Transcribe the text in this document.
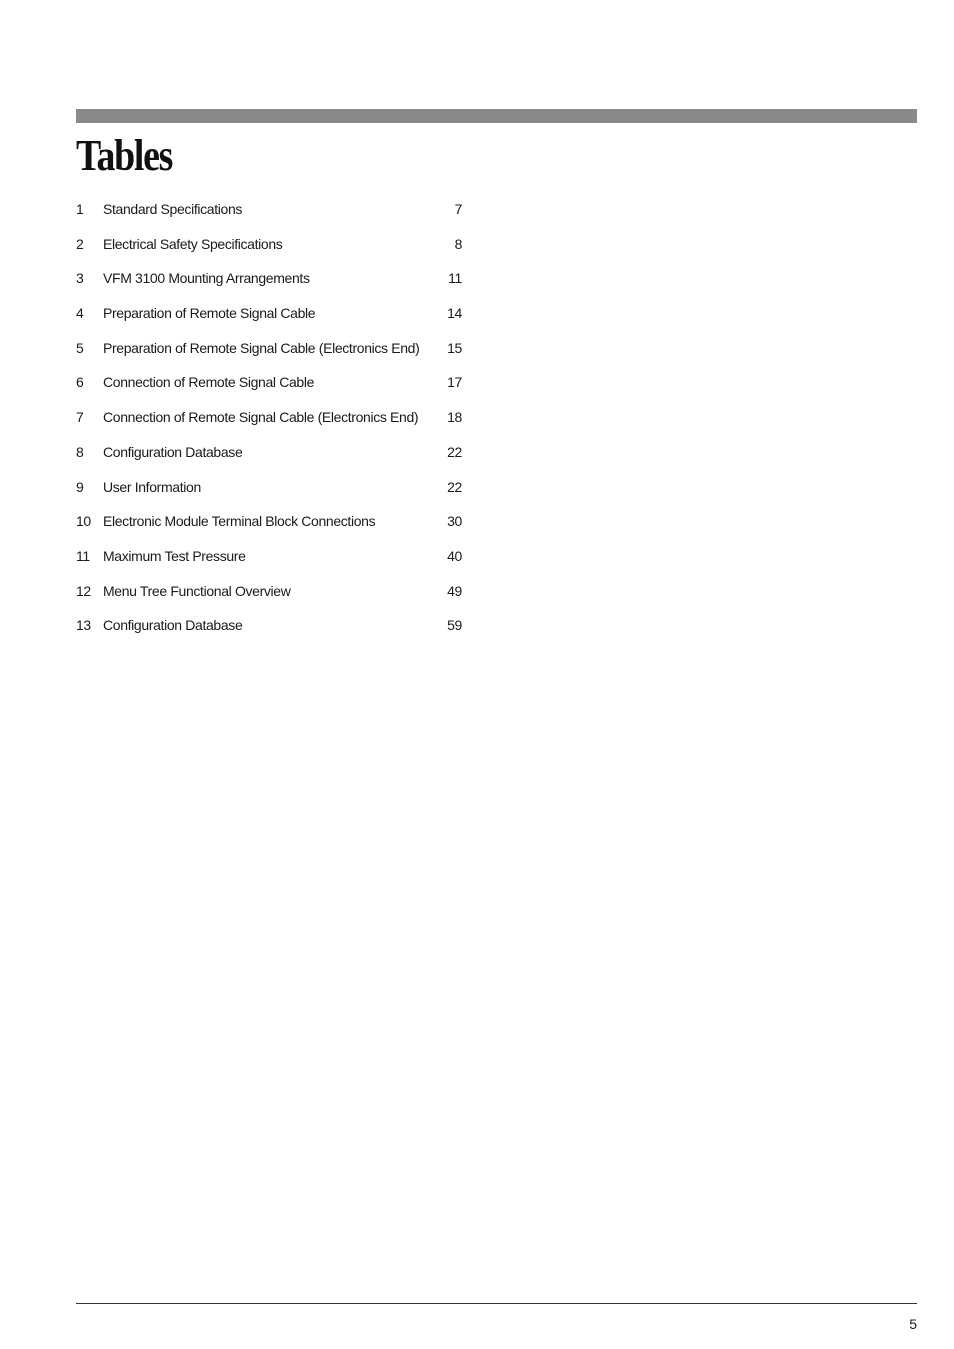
Tables
1 Standard Specifications	7
2 Electrical Safety Specifications	8
3 VFM 3100 Mounting Arrangements	11
4 Preparation of Remote Signal Cable	14
5 Preparation of Remote Signal Cable (Electronics End) 15
6 Connection of Remote Signal Cable	17
7 Connection of Remote Signal Cable (Electronics End) 18
8 Configuration Database	22
9 User Information	22
10 Electronic Module Terminal Block Connections	30
11 Maximum Test Pressure	40
12 Menu Tree Functional Overview	49
13 Configuration Database	59
5
